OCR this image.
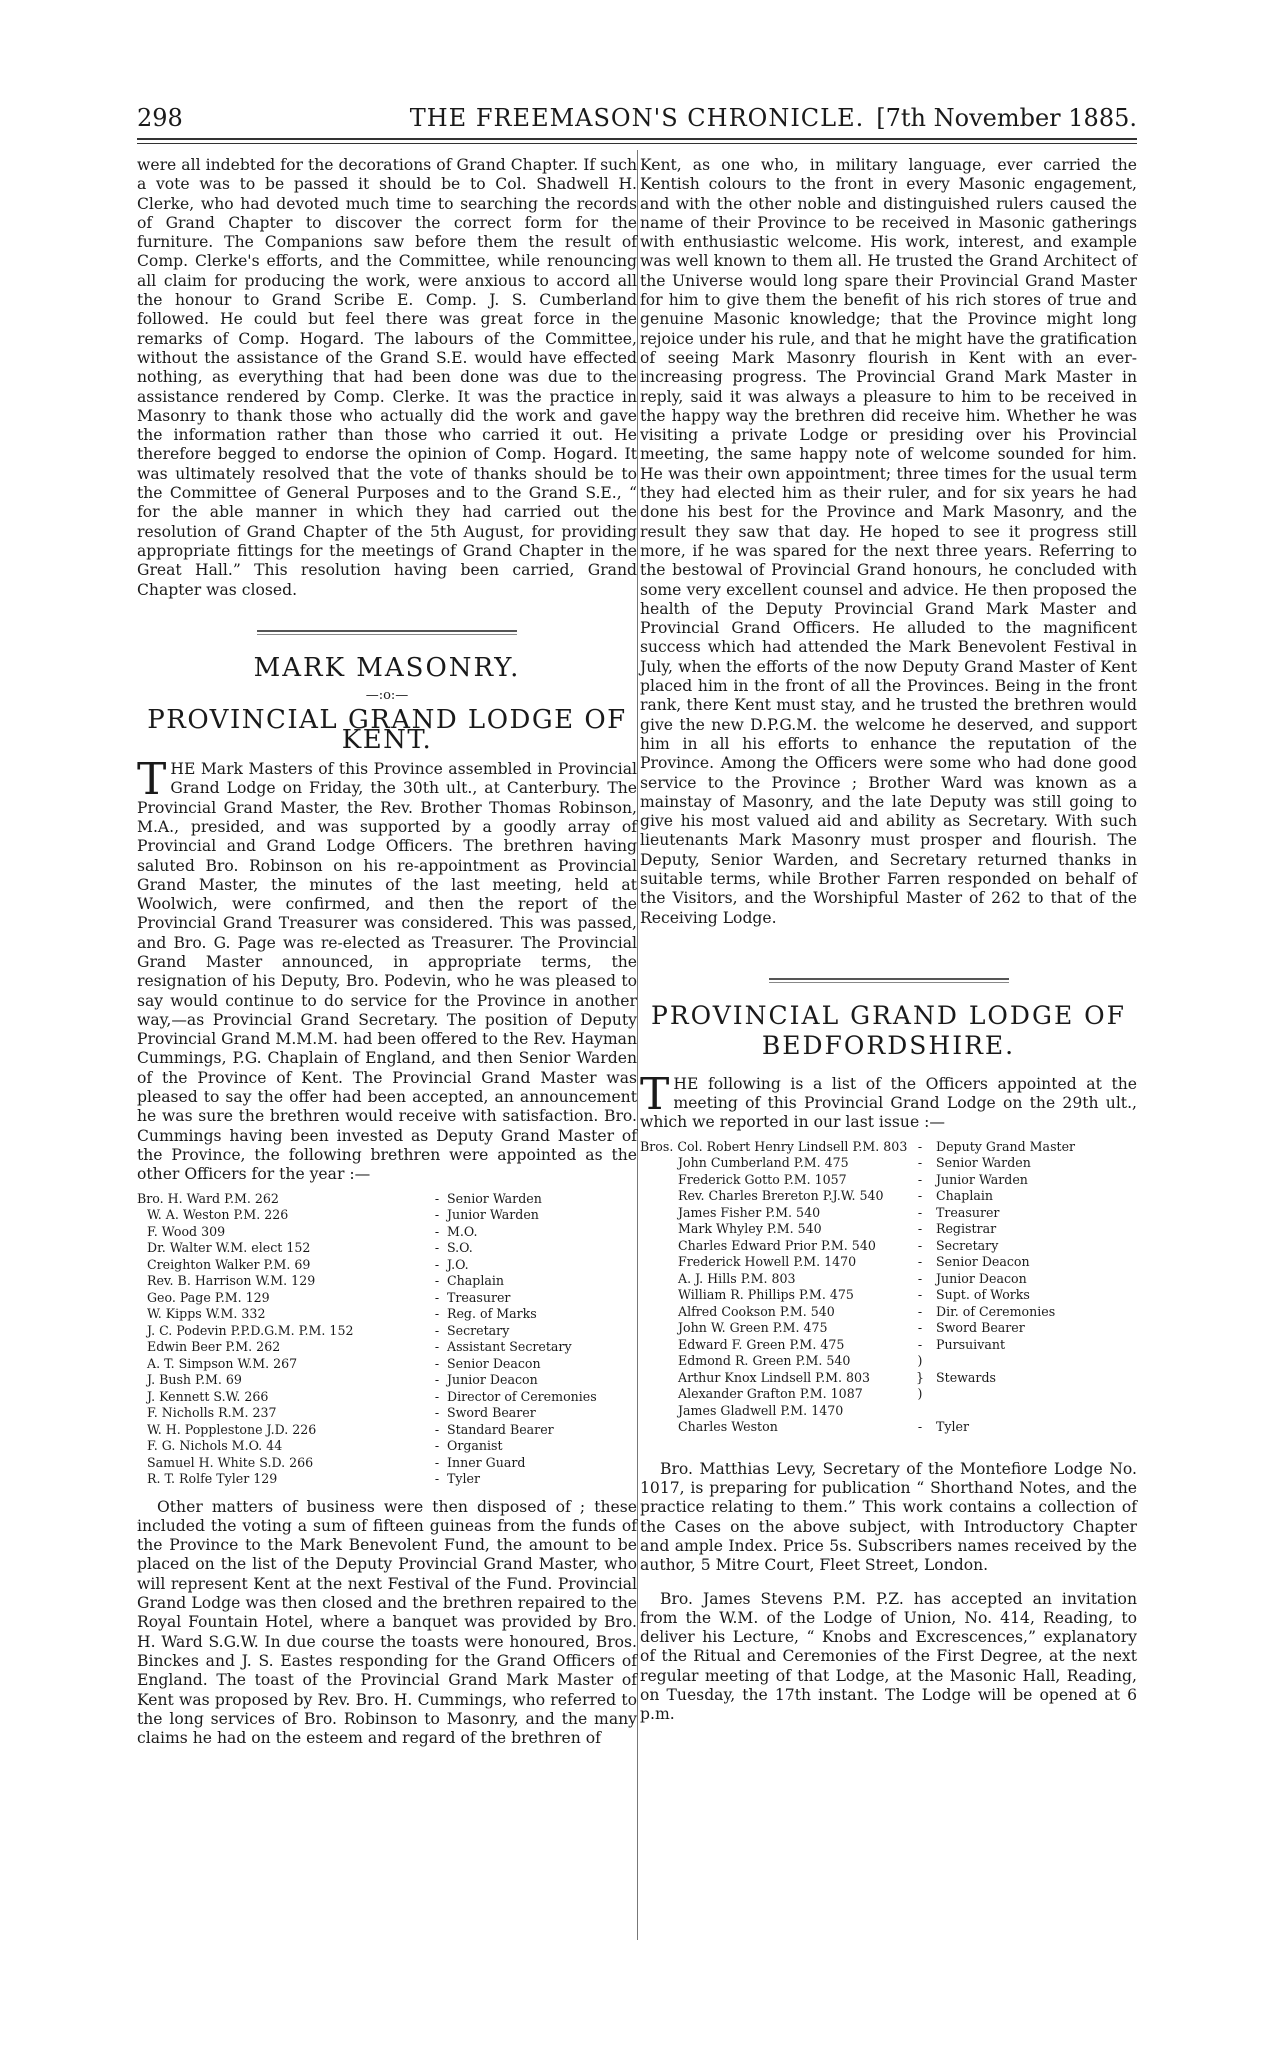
298	THE FREEMASON'S CHRONICLE. [7th November 1885.

were all indebted for the decorations of Grand Chapter. If such a vote was to be passed it should be to Col. Shadwell H. Clerke, who had devoted much time to searching the records of Grand Chapter to discover the correct form for the furniture. The Companions saw before them the result of Comp. Clerke's efforts, and the Committee, while renouncing all claim for producing the work, were anxious to accord all the honour to Grand Scribe E. Comp. J. S. Cumberland followed. He could but feel there was great force in the remarks of Comp. Hogard. The labours of the Committee, without the assistance of the Grand S.E. would have effected nothing, as everything that had been done was due to the assistance rendered by Comp. Clerke. It was the practice in Masonry to thank those who actually did the work and gave the information rather than those who carried it out. He therefore begged to endorse the opinion of Comp. Hogard. It was ultimately resolved that the vote of thanks should be to the Committee of General Purposes and to the Grand S.E., “ for the able manner in which they had carried out the resolution of Grand Chapter of the 5th August, for providing appropriate fittings for the meetings of Grand Chapter in the Great Hall.” This resolution having been carried, Grand Chapter was closed.

MARK MASONRY.
—:o:—
PROVINCIAL GRAND LODGE OF KENT.

THE Mark Masters of this Province assembled in Provincial Grand Lodge on Friday, the 30th ult., at Canterbury. The Provincial Grand Master, the Rev. Brother Thomas Robinson, M.A., presided, and was supported by a goodly array of Provincial and Grand Lodge Officers. The brethren having saluted Bro. Robinson on his re-appointment as Provincial Grand Master, the minutes of the last meeting, held at Woolwich, were confirmed, and then the report of the Provincial Grand Treasurer was considered. This was passed, and Bro. G. Page was re-elected as Treasurer. The Provincial Grand Master announced, in appropriate terms, the resignation of his Deputy, Bro. Podevin, who he was pleased to say would continue to do service for the Province in another way,—as Provincial Grand Secretary. The position of Deputy Provincial Grand M.M.M. had been offered to the Rev. Hayman Cummings, P.G. Chaplain of England, and then Senior Warden of the Province of Kent. The Provincial Grand Master was pleased to say the offer had been accepted, an announcement he was sure the brethren would receive with satisfaction. Bro. Cummings having been invested as Deputy Grand Master of the Province, the following brethren were appointed as the other Officers for the year :—

Bro. H. Ward P.M. 262	- Senior Warden
W. A. Weston P.M. 226	- Junior Warden
F. Wood 309	- M.O.
Dr. Walter W.M. elect 152	- S.O.
Creighton Walker P.M. 69	- J.O.
Rev. B. Harrison W.M. 129	- Chaplain
Geo. Page P.M. 129	- Treasurer
W. Kipps W.M. 332	- Reg. of Marks
J. C. Podevin P.P.D.G.M. P.M. 152	- Secretary
Edwin Beer P.M. 262	- Assistant Secretary
A. T. Simpson W.M. 267	- Senior Deacon
J. Bush P.M. 69	- Junior Deacon
J. Kennett S.W. 266	- Director of Ceremonies
F. Nicholls R.M. 237	- Sword Bearer
W. H. Popplestone J.D. 226	- Standard Bearer
F. G. Nichols M.O. 44	- Organist
Samuel H. White S.D. 266	- Inner Guard
R. T. Rolfe Tyler 129	- Tyler

Other matters of business were then disposed of ; these included the voting a sum of fifteen guineas from the funds of the Province to the Mark Benevolent Fund, the amount to be placed on the list of the Deputy Provincial Grand Master, who will represent Kent at the next Festival of the Fund. Provincial Grand Lodge was then closed and the brethren repaired to the Royal Fountain Hotel, where a banquet was provided by Bro. H. Ward S.G.W. In due course the toasts were honoured, Bros. Binckes and J. S. Eastes responding for the Grand Officers of England. The toast of the Provincial Grand Mark Master of Kent was proposed by Rev. Bro. H. Cummings, who referred to the long services of Bro. Robinson to Masonry, and the many claims he had on the esteem and regard of the brethren of

Kent, as one who, in military language, ever carried the Kentish colours to the front in every Masonic engagement, and with the other noble and distinguished rulers caused the name of their Province to be received in Masonic gatherings with enthusiastic welcome. His work, interest, and example was well known to them all. He trusted the Grand Architect of the Universe would long spare their Provincial Grand Master for him to give them the benefit of his rich stores of true and genuine Masonic knowledge; that the Province might long rejoice under his rule, and that he might have the gratification of seeing Mark Masonry flourish in Kent with an ever-increasing progress. The Provincial Grand Mark Master in reply, said it was always a pleasure to him to be received in the happy way the brethren did receive him. Whether he was visiting a private Lodge or presiding over his Provincial meeting, the same happy note of welcome sounded for him. He was their own appointment; three times for the usual term they had elected him as their ruler, and for six years he had done his best for the Province and Mark Masonry, and the result they saw that day. He hoped to see it progress still more, if he was spared for the next three years. Referring to the bestowal of Provincial Grand honours, he concluded with some very excellent counsel and advice. He then proposed the health of the Deputy Provincial Grand Mark Master and Provincial Grand Officers. He alluded to the magnificent success which had attended the Mark Benevolent Festival in July, when the efforts of the now Deputy Grand Master of Kent placed him in the front of all the Provinces. Being in the front rank, there Kent must stay, and he trusted the brethren would give the new D.P.G.M. the welcome he deserved, and support him in all his efforts to enhance the reputation of the Province. Among the Officers were some who had done good service to the Province ; Brother Ward was known as a mainstay of Masonry, and the late Deputy was still going to give his most valued aid and ability as Secretary. With such lieutenants Mark Masonry must prosper and flourish. The Deputy, Senior Warden, and Secretary returned thanks in suitable terms, while Brother Farren responded on behalf of the Visitors, and the Worshipful Master of 262 to that of the Receiving Lodge.

PROVINCIAL GRAND LODGE OF
BEDFORDSHIRE.

THE following is a list of the Officers appointed at the meeting of this Provincial Grand Lodge on the 29th ult., which we reported in our last issue :—

Bros. Col. Robert Henry Lindsell P.M. 803 -	Deputy Grand Master
John Cumberland P.M. 475	-	Senior Warden
Frederick Gotto P.M. 1057	-	Junior Warden
Rev. Charles Brereton P.J.W. 540	-	Chaplain
James Fisher P.M. 540	-	Treasurer
Mark Whyley P.M. 540	-	Registrar
Charles Edward Prior P.M. 540	-	Secretary
Frederick Howell P.M. 1470	-	Senior Deacon
A. J. Hills P.M. 803	-	Junior Deacon
William R. Phillips P.M. 475	-	Supt. of Works
Alfred Cookson P.M. 540	-	Dir. of Ceremonies
John W. Green P.M. 475	-	Sword Bearer
Edward F. Green P.M. 475	-	Pursuivant
Edmond R. Green P.M. 540	)
Arthur Knox Lindsell P.M. 803	} Stewards
Alexander Grafton P.M. 1087	)
James Gladwell P.M. 1470
Charles Weston	-	Tyler

Bro. Matthias Levy, Secretary of the Montefiore Lodge No. 1017, is preparing for publication “ Shorthand Notes, and the practice relating to them.” This work contains a collection of the Cases on the above subject, with Introductory Chapter and ample Index. Price 5s. Subscribers names received by the author, 5 Mitre Court, Fleet Street, London.

Bro. James Stevens P.M. P.Z. has accepted an invitation from the W.M. of the Lodge of Union, No. 414, Reading, to deliver his Lecture, “ Knobs and Excrescences,” explanatory of the Ritual and Ceremonies of the First Degree, at the next regular meeting of that Lodge, at the Masonic Hall, Reading, on Tuesday, the 17th instant. The Lodge will be opened at 6 p.m.
